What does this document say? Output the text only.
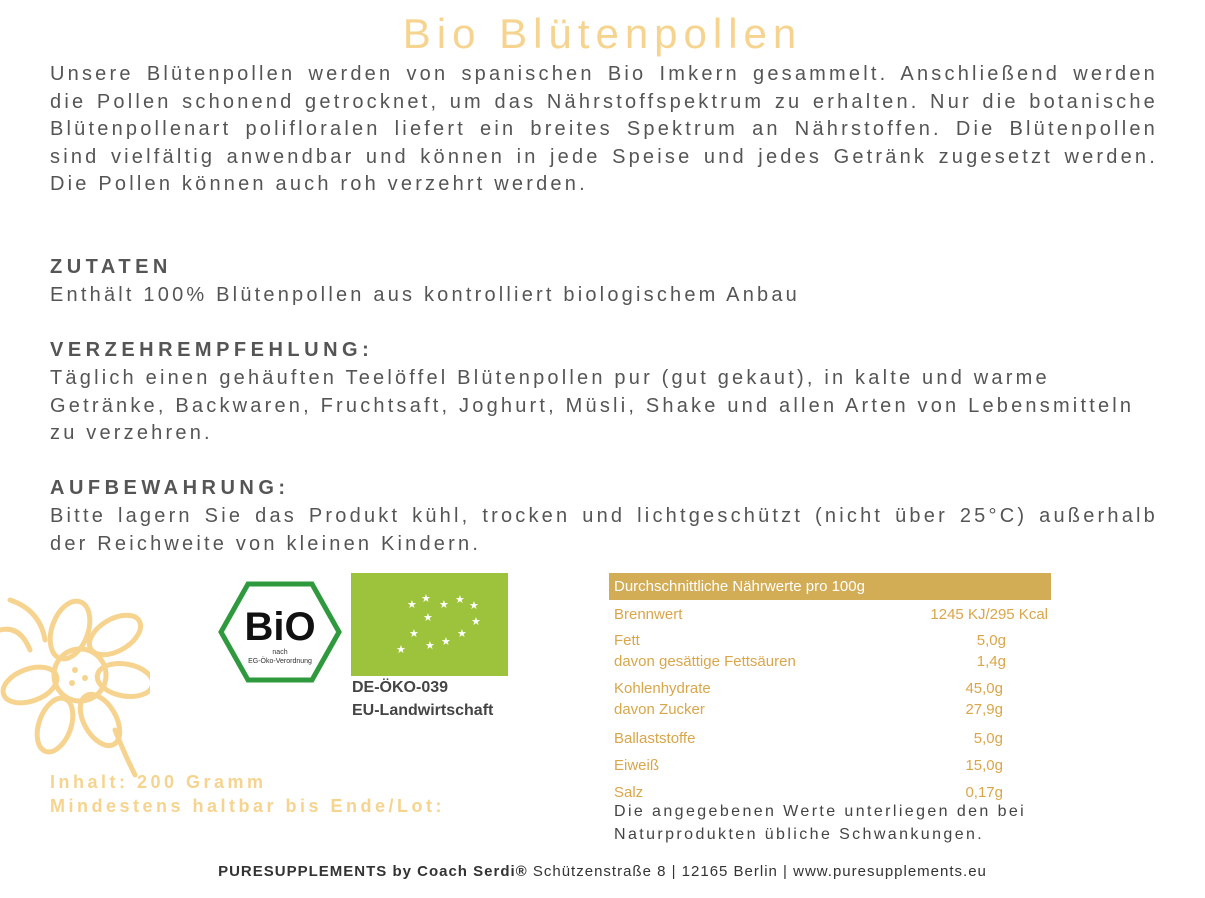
Bio Blütenpollen
Unsere Blütenpollen werden von spanischen Bio Imkern gesammelt. Anschließend werden die Pollen schonend getrocknet, um das Nährstoffspektrum zu erhalten. Nur die botanische Blütenpollenart polifloralen liefert ein breites Spektrum an Nährstoffen. Die Blütenpollen sind vielfältig anwendbar und können in jede Speise und jedes Getränk zugesetzt werden. Die Pollen können auch roh verzehrt werden.
ZUTATEN
Enthält 100% Blütenpollen aus kontrolliert biologischem Anbau
VERZEHREMPFEHLUNG:
Täglich einen gehäuften Teelöffel Blütenpollen pur (gut gekaut), in kalte und warme Getränke, Backwaren, Fruchtsaft, Joghurt, Müsli, Shake und allen Arten von Lebensmitteln zu verzehren.
AUFBEWAHRUNG:
Bitte lagern Sie das Produkt kühl, trocken und lichtgeschützt (nicht über 25°C) außerhalb der Reichweite von kleinen Kindern.
BiO
nach
EG-Öko-Verordnung
★
★
★
★ ★ ★
★ ★
★
★
★
★
DE-ÖKO-039
EU-Landwirtschaft
Durchschnittliche Nährwerte pro 100g
Brennwert	1245 KJ/295 Kcal
Fett	5,0g
davon gesättige Fettsäuren	1,4g
Kohlenhydrate	45,0g
davon Zucker	27,9g
Ballaststoffe	5,0g
Eiweiß	15,0g
Salz	0,17g
Die angegebenen Werte unterliegen den bei
Naturprodukten übliche Schwankungen.
Inhalt: 200 Gramm
Mindestens haltbar bis Ende/Lot:
PURESUPPLEMENTS by Coach Serdi® Schützenstraße 8 | 12165 Berlin | www.puresupplements.eu
